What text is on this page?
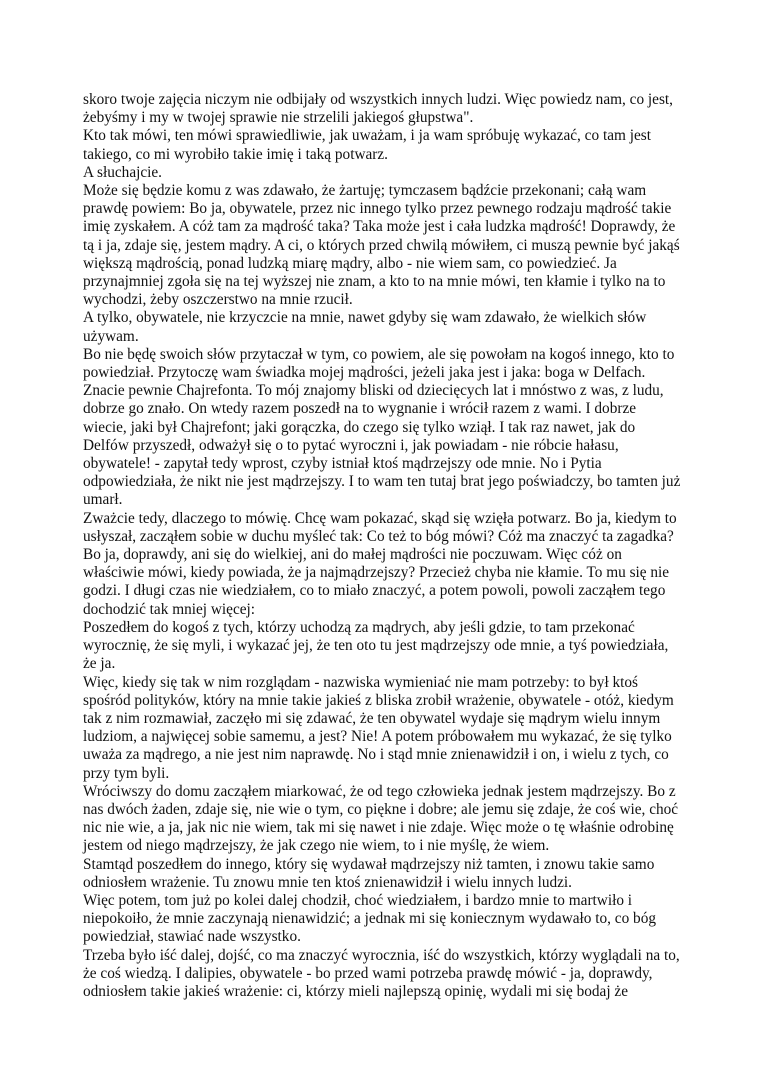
skoro twoje zajęcia niczym nie odbijały od wszystkich innych ludzi. Więc powiedz nam, co jest, żebyśmy i my w twojej sprawie nie strzelili jakiegoś głupstwa".

Kto tak mówi, ten mówi sprawiedliwie, jak uważam, i ja wam spróbuję wykazać, co tam jest takiego, co mi wyrobiło takie imię i taką potwarz.

A słuchajcie.

Może się będzie komu z was zdawało, że żartuję; tymczasem bądźcie przekonani; całą wam prawdę powiem: Bo ja, obywatele, przez nic innego tylko przez pewnego rodzaju mądrość takie imię zyskałem. A cóż tam za mądrość taka? Taka może jest i cała ludzka mądrość! Doprawdy, że tą i ja, zdaje się, jestem mądry. A ci, o których przed chwilą mówiłem, ci muszą pewnie być jakąś większą mądrością, ponad ludzką miarę mądry, albo - nie wiem sam, co powiedzieć. Ja przynajmniej zgoła się na tej wyższej nie znam, a kto to na mnie mówi, ten kłamie i tylko na to wychodzi, żeby oszczerstwo na mnie rzucił.

A tylko, obywatele, nie krzyczcie na mnie, nawet gdyby się wam zdawało, że wielkich słów używam.

Bo nie będę swoich słów przytaczał w tym, co powiem, ale się powołam na kogoś innego, kto to powiedział. Przytoczę wam świadka mojej mądrości, jeżeli jaka jest i jaka: boga w Delfach. Znacie pewnie Chajrefonta. To mój znajomy bliski od dziecięcych lat i mnóstwo z was, z ludu, dobrze go znało. On wtedy razem poszedł na to wygnanie i wrócił razem z wami. I dobrze wiecie, jaki był Chajrefont; jaki gorączka, do czego się tylko wziął. I tak raz nawet, jak do Delfów przyszedł, odważył się o to pytać wyroczni i, jak powiadam - nie róbcie hałasu, obywatele! - zapytał tedy wprost, czyby istniał ktoś mądrzejszy ode mnie. No i Pytia odpowiedziała, że nikt nie jest mądrzejszy. I to wam ten tutaj brat jego poświadczy, bo tamten już umarł.

Zważcie tedy, dlaczego to mówię. Chcę wam pokazać, skąd się wzięła potwarz. Bo ja, kiedym to usłyszał, zacząłem sobie w duchu myśleć tak: Co też to bóg mówi? Cóż ma znaczyć ta zagadka? Bo ja, doprawdy, ani się do wielkiej, ani do małej mądrości nie poczuwam. Więc cóż on właściwie mówi, kiedy powiada, że ja najmądrzejszy? Przecież chyba nie kłamie. To mu się nie godzi. I długi czas nie wiedziałem, co to miało znaczyć, a potem powoli, powoli zacząłem tego dochodzić tak mniej więcej:

Poszedłem do kogoś z tych, którzy uchodzą za mądrych, aby jeśli gdzie, to tam przekonać wyrocznię, że się myli, i wykazać jej, że ten oto tu jest mądrzejszy ode mnie, a tyś powiedziała, że ja.

Więc, kiedy się tak w nim rozglądam - nazwiska wymieniać nie mam potrzeby: to był ktoś spośród polityków, który na mnie takie jakieś z bliska zrobił wrażenie, obywatele - otóż, kiedym tak z nim rozmawiał, zaczęło mi się zdawać, że ten obywatel wydaje się mądrym wielu innym ludziom, a najwięcej sobie samemu, a jest? Nie! A potem próbowałem mu wykazać, że się tylko uważa za mądrego, a nie jest nim naprawdę. No i stąd mnie znienawidził i on, i wielu z tych, co przy tym byli.

Wróciwszy do domu zacząłem miarkować, że od tego człowieka jednak jestem mądrzejszy. Bo z nas dwóch żaden, zdaje się, nie wie o tym, co piękne i dobre; ale jemu się zdaje, że coś wie, choć nic nie wie, a ja, jak nic nie wiem, tak mi się nawet i nie zdaje. Więc może o tę właśnie odrobinę jestem od niego mądrzejszy, że jak czego nie wiem, to i nie myślę, że wiem.

Stamtąd poszedłem do innego, który się wydawał mądrzejszy niż tamten, i znowu takie samo odniosłem wrażenie. Tu znowu mnie ten ktoś znienawidził i wielu innych ludzi.

Więc potem, tom już po kolei dalej chodził, choć wiedziałem, i bardzo mnie to martwiło i niepokoiło, że mnie zaczynają nienawidzić; a jednak mi się koniecznym wydawało to, co bóg powiedział, stawiać nade wszystko.

Trzeba było iść dalej, dojść, co ma znaczyć wyrocznia, iść do wszystkich, którzy wyglądali na to, że coś wiedzą. I dalipies, obywatele - bo przed wami potrzeba prawdę mówić - ja, doprawdy, odniosłem takie jakieś wrażenie: ci, którzy mieli najlepszą opinię, wydali mi się bodaj że
